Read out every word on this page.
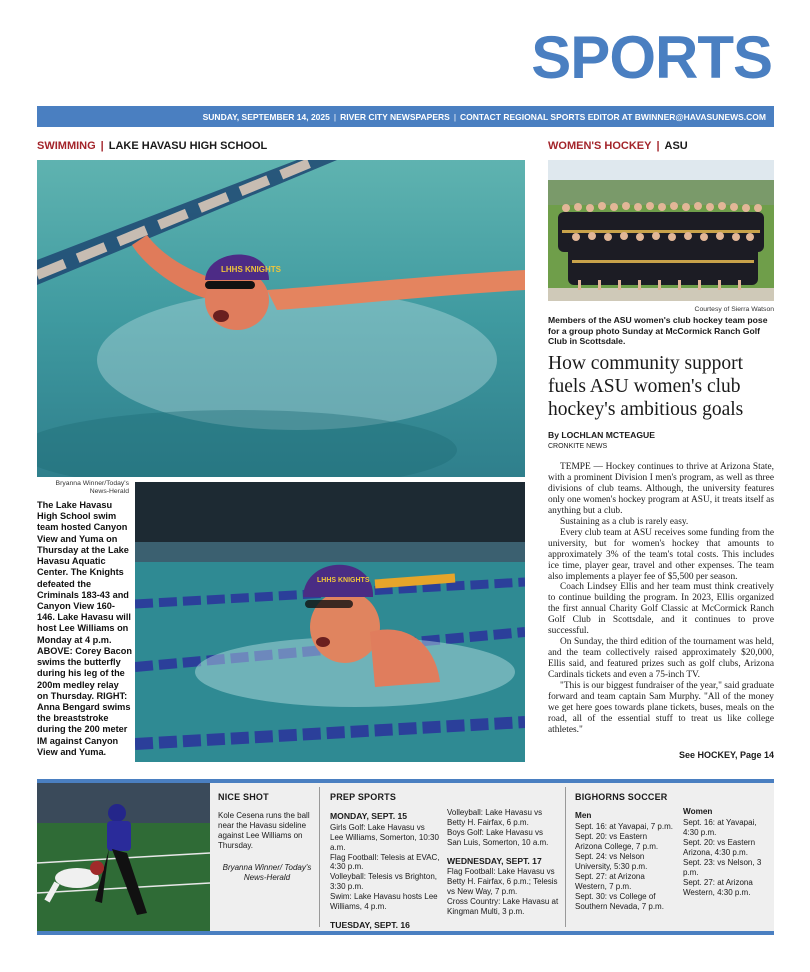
SPORTS
SUNDAY, SEPTEMBER 14, 2025 | RIVER CITY NEWSPAPERS | CONTACT REGIONAL SPORTS EDITOR AT BWINNER@HAVASUNEWS.COM
SWIMMING | LAKE HAVASU HIGH SCHOOL
LHHS KNIGHTS
Bryanna Winner/Today's News-Herald
LHHS KNIGHTS
The Lake Havasu High School swim team hosted Canyon View and Yuma on Thursday at the Lake Havasu Aquatic Center. The Knights defeated the Criminals 183-43 and Canyon View 160-146. Lake Havasu will host Lee Williams on Monday at 4 p.m. ABOVE: Corey Bacon swims the butterfly during his leg of the 200m medley relay on Thursday. RIGHT: Anna Bengard swims the breaststroke during the 200 meter IM against Canyon View and Yuma.
WOMEN'S HOCKEY | ASU
Courtesy of Sierra Watson
Members of the ASU women's club hockey team pose for a group photo Sunday at McCormick Ranch Golf Club in Scottsdale.
How community support fuels ASU women's club hockey's ambitious goals
By LOCHLAN MCTEAGUE
CRONKITE NEWS

TEMPE — Hockey continues to thrive at Arizona State, with a prominent Division I men's program, as well as three divisions of club teams. Although, the university features only one women's hockey program at ASU, it treats itself as anything but a club.

Sustaining as a club is rarely easy.

Every club team at ASU receives some funding from the university, but for women's hockey that amounts to approximately 3% of the team's total costs. This includes ice time, player gear, travel and other expenses. The team also implements a player fee of $5,500 per season.

Coach Lindsey Ellis and her team must think creatively to continue building the program. In 2023, Ellis organized the first annual Charity Golf Classic at McCormick Ranch Golf Club in Scottsdale, and it continues to prove successful.

On Sunday, the third edition of the tournament was held, and the team collectively raised approximately $20,000, Ellis said, and featured prizes such as golf clubs, Arizona Cardinals tickets and even a 75-inch TV.

"This is our biggest fundraiser of the year," said graduate forward and team captain Sam Murphy. "All of the money we get here goes towards plane tickets, buses, meals on the road, all of the essential stuff to treat us like college athletes."

See HOCKEY, Page 14
NICE SHOT
Kole Cesena runs the ball near the Havasu sideline against Lee Williams on Thursday.
Bryanna Winner/ Today's News-Herald
PREP SPORTS
MONDAY, SEPT. 15
Girls Golf: Lake Havasu vs Lee Williams, Somerton, 10:30 a.m.
Flag Football: Telesis at EVAC, 4:30 p.m.
Volleyball: Telesis vs Brighton, 3:30 p.m.
Swim: Lake Havasu hosts Lee Williams, 4 p.m.
TUESDAY, SEPT. 16
Volleyball: Lake Havasu vs Betty H. Fairfax, 6 p.m.
Boys Golf: Lake Havasu vs San Luis, Somerton, 10 a.m.
WEDNESDAY, SEPT. 17
Flag Football: Lake Havasu vs Betty H. Fairfax, 6 p.m.; Telesis vs New Way, 7 p.m.
Cross Country: Lake Havasu at Kingman Multi, 3 p.m.
BIGHORNS SOCCER
Men
Sept. 16: at Yavapai, 7 p.m.
Sept. 20: vs Eastern Arizona College, 7 p.m.
Sept. 24: vs Nelson University, 5:30 p.m.
Sept. 27: at Arizona Western, 7 p.m.
Sept. 30: vs College of Southern Nevada, 7 p.m.
Women
Sept. 16: at Yavapai, 4:30 p.m.
Sept. 20: vs Eastern Arizona, 4:30 p.m.
Sept. 23: vs Nelson, 3 p.m.
Sept. 27: at Arizona Western, 4:30 p.m.
